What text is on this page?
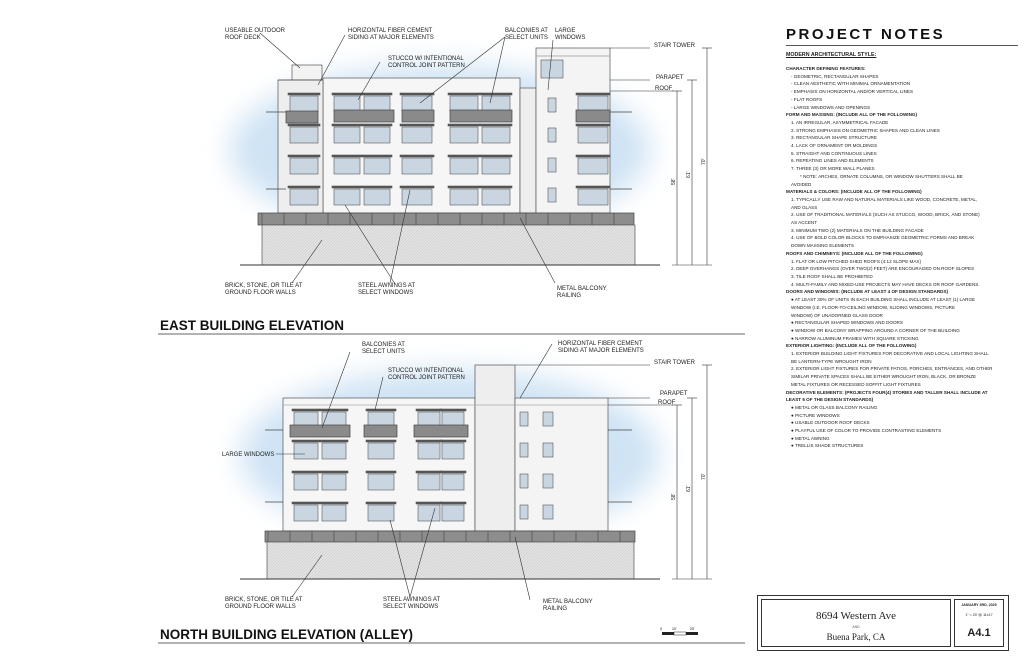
USEABLE OUTDOOR ROOF DECK
HORIZONTAL FIBER CEMENT SIDING AT MAJOR ELEMENTS
STUCCO W/ INTENTIONAL CONTROL JOINT PATTERN
BALCONIES AT SELECT UNITS
LARGE WINDOWS
STAIR TOWER
PARAPET
ROOF
BRICK, STONE, OR TILE AT GROUND FLOOR WALLS
STEEL AWNINGS AT SELECT WINDOWS
METAL BALCONY RAILING
58'
61'
70'
EAST BUILDING ELEVATION
BALCONIES AT SELECT UNITS
HORIZONTAL FIBER CEMENT SIDING AT MAJOR ELEMENTS
STUCCO W/ INTENTIONAL CONTROL JOINT PATTERN
LARGE WINDOWS
STAIR TOWER
PARAPET
ROOF
BRICK, STONE, OR TILE AT GROUND FLOOR WALLS
STEEL AWNINGS AT SELECT WINDOWS
METAL BALCONY RAILING
58'
61'
70'
NORTH BUILDING ELEVATION (ALLEY)	0	10'	20'
PROJECT NOTES
MODERN ARCHITECTURAL STYLE:
CHARACTER DEFINING FEATURES:
- GEOMETRIC, RECTANGULAR SHAPES
- CLEAN AESTHETIC WITH MINIMAL ORNAMENTATION
- EMPHASIS ON HORIZONTAL AND/OR VERTICAL LINES
- FLAT ROOFS
- LARGE WINDOWS AND OPENINGS
FORM AND MASSING: (INCLUDE ALL OF THE FOLLOWING)
1. AN IRREGULAR, ASYMMETRICAL FACADE
2. STRONG EMPHASIS ON GEOMETRIC SHAPES AND CLEAN LINES
3. RECTANGULAR SHAPE STRUCTURE
4. LACK OF ORNAMENT OR MOLDINGS
5. STRAIGHT AND CONTINUOUS LINES
6. REPEATING LINES AND ELEMENTS
7. THREE (3) OR MORE WALL PLANES
* NOTE: ARCHES, ORNATE COLUMNS, OR WINDOW SHUTTERS SHALL BE
AVOIDED
MATERIALS & COLORS: (INCLUDE ALL OF THE FOLLOWING)
1. TYPICALLY USE RAW AND NATURAL MATERIALS LIKE WOOD, CONCRETE, METAL,
AND GLASS
2. USE OF TRADITIONAL MATERIALS (SUCH AS STUCCO, WOOD, BRICK, AND STONE)
AS ACCENT
3. MINIMUM TWO (2) MATERIALS ON THE BUILDING FACADE
4. USE OF BOLD COLOR BLOCKS TO EMPHASIZE GEOMETRIC FORMS AND BREAK
DOWN MASSING ELEMENTS
ROOFS AND CHIMNEYS: (INCLUDE ALL OF THE FOLLOWING)
1. FLAT OR LOW PITCHED SHED ROOFS (4:12 SLOPE MAX)
2. DEEP OVERHANGS (OVER TWO(2) FEET) ARE ENCOURAGED ON ROOF SLOPES
3. TILE ROOF SHALL BE PROHIBITED
4. MULTI-FAMILY AND MIXED-USE PROJECTS MAY HAVE DECKS OR ROOF GARDENS.
DOORS AND WINDOWS: (INCLUDE AT LEAST 4 OF DESIGN STANDARDS)
● AT LEAST 30% OF UNITS IN EACH BUILDING SHALL INCLUDE AT LEAST (1) LARGE
WINDOW (I.E. FLOOR-TO-CEILING WINDOW, SLIDING WINDOWS, PICTURE
WINDOW) OF UNADORNED GLASS DOOR
● RECTANGULAR SHAPED WINDOWS AND DOORS
● WINDOW OR BALCONY WRAPPING AROUND A CORNER OF THE BUILDING
● NARROW ALUMINUM FRAMES WITH SQUARE STICKING
EXTERIOR LIGHTING: (INCLUDE ALL OF THE FOLLOWING)
1. EXTERIOR BUILDING LIGHT FIXTURES FOR DECORATIVE AND LOCAL LIGHTING SHALL
BE LANTERN-TYPE WROUGHT IRON
2. EXTERIOR LIGHT FIXTURES FOR PRIVATE PATIOS, PORCHES, ENTRANCES, AND OTHER
SIMILAR PRIVATE SPACES SHALL BE EITHER WROUGHT IRON, BLACK, OR BRONZE
METAL FIXTURES OR RECESSED SOFFIT LIGHT FIXTURES
DECORATIVE ELEMENTS: (PROJECTS FOUR(4) STORIES AND TALLER SHALL INCLUDE AT
LEAST 6 OF THE DESIGN STANDARDS)
● METAL OR GLASS BALCONY RAILING
● PICTURE WINDOWS
● USABLE OUTDOOR ROOF DECKS
● PLAYFUL USE OF COLOR TO PROVIDE CONTRASTING ELEMENTS
● METAL AWNING
● TRELLIS SHADE STRUCTURES
8694 Western Ave
AND
Buena Park, CA
JANUARY 3RD, 2025
1" = 20' @ 11x17
A4.1
